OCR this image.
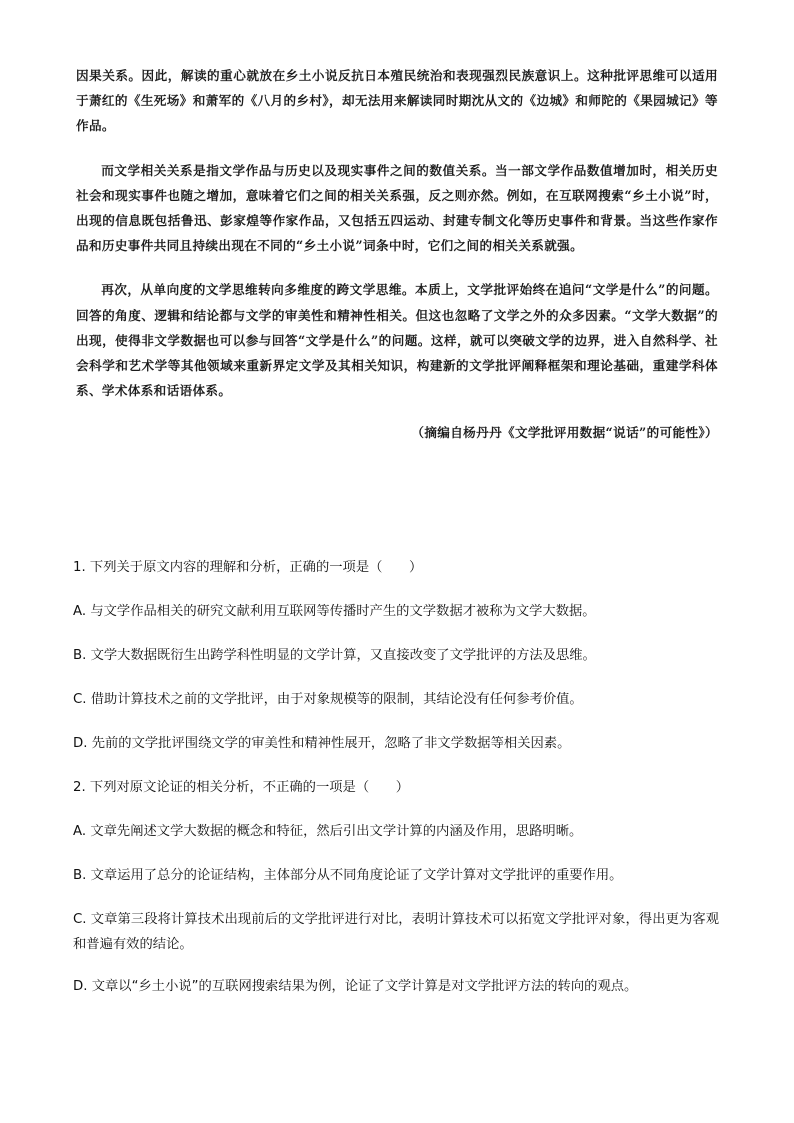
因果关系。因此，解读的重心就放在乡土小说反抗日本殖民统治和表现强烈民族意识上。这种批评思维可以适用于萧红的《生死场》和萧军的《八月的乡村》，却无法用来解读同时期沈从文的《边城》和师陀的《果园城记》等作品。

而文学相关关系是指文学作品与历史以及现实事件之间的数值关系。当一部文学作品数值增加时，相关历史社会和现实事件也随之增加，意味着它们之间的相关关系强，反之则亦然。例如，在互联网搜索“乡土小说”时，出现的信息既包括鲁迅、彭家煌等作家作品，又包括五四运动、封建专制文化等历史事件和背景。当这些作家作品和历史事件共同且持续出现在不同的“乡土小说”词条中时，它们之间的相关关系就强。

再次，从单向度的文学思维转向多维度的跨文学思维。本质上，文学批评始终在追问“文学是什么”的问题。回答的角度、逻辑和结论都与文学的审美性和精神性相关。但这也忽略了文学之外的众多因素。“文学大数据”的出现，使得非文学数据也可以参与回答“文学是什么”的问题。这样，就可以突破文学的边界，进入自然科学、社会科学和艺术学等其他领域来重新界定文学及其相关知识，构建新的文学批评阐释框架和理论基础，重建学科体系、学术体系和话语体系。

（摘编自杨丹丹《文学批评用数据“说话”的可能性》）

1. 下列关于原文内容的理解和分析，正确的一项是（　　）
A. 与文学作品相关的研究文献利用互联网等传播时产生的文学数据才被称为文学大数据。
B. 文学大数据既衍生出跨学科性明显的文学计算，又直接改变了文学批评的方法及思维。
C. 借助计算技术之前的文学批评，由于对象规模等的限制，其结论没有任何参考价值。
D. 先前的文学批评围绕文学的审美性和精神性展开，忽略了非文学数据等相关因素。
2. 下列对原文论证的相关分析，不正确的一项是（　　）
A. 文章先阐述文学大数据的概念和特征，然后引出文学计算的内涵及作用，思路明晰。
B. 文章运用了总分的论证结构，主体部分从不同角度论证了文学计算对文学批评的重要作用。
C. 文章第三段将计算技术出现前后的文学批评进行对比，表明计算技术可以拓宽文学批评对象，得出更为客观和普遍有效的结论。
D. 文章以“乡土小说”的互联网搜索结果为例，论证了文学计算是对文学批评方法的转向的观点。
